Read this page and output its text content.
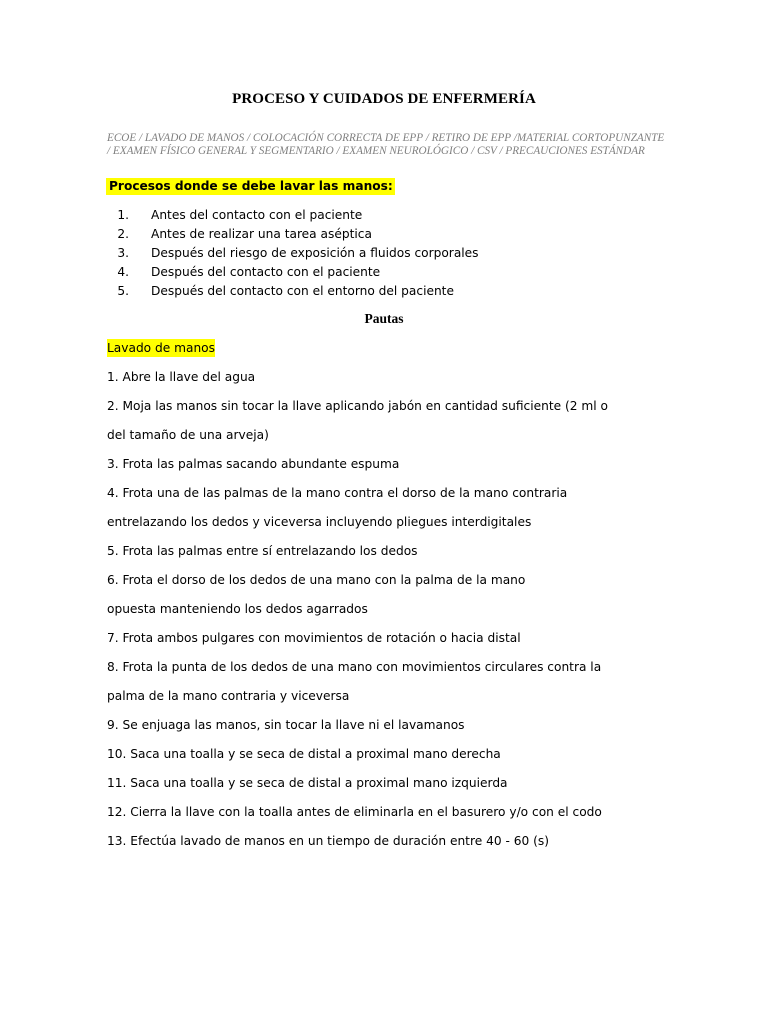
PROCESO Y CUIDADOS DE ENFERMERÍA
ECOE / LAVADO DE MANOS / COLOCACIÓN CORRECTA DE EPP / RETIRO DE EPP /MATERIAL CORTOPUNZANTE / EXAMEN FÍSICO GENERAL Y SEGMENTARIO / EXAMEN NEUROLÓGICO / CSV / PRECAUCIONES ESTÁNDAR
Procesos donde se debe lavar las manos:
1. Antes del contacto con el paciente
2. Antes de realizar una tarea aséptica
3. Después del riesgo de exposición a fluidos corporales
4. Después del contacto con el paciente
5. Después del contacto con el entorno del paciente
Pautas
Lavado de manos
1. Abre la llave del agua
2. Moja las manos sin tocar la llave aplicando jabón en cantidad suficiente (2 ml o
del tamaño de una arveja)
3. Frota las palmas sacando abundante espuma
4. Frota una de las palmas de la mano contra el dorso de la mano contraria
entrelazando los dedos y viceversa incluyendo pliegues interdigitales
5. Frota las palmas entre sí entrelazando los dedos
6. Frota el dorso de los dedos de una mano con la palma de la mano
opuesta manteniendo los dedos agarrados
7. Frota ambos pulgares con movimientos de rotación o hacia distal
8. Frota la punta de los dedos de una mano con movimientos circulares contra la
palma de la mano contraria y viceversa
9. Se enjuaga las manos, sin tocar la llave ni el lavamanos
10. Saca una toalla y se seca de distal a proximal mano derecha
11. Saca una toalla y se seca de distal a proximal mano izquierda
12. Cierra la llave con la toalla antes de eliminarla en el basurero y/o con el codo
13. Efectúa lavado de manos en un tiempo de duración entre 40 - 60 (s)
